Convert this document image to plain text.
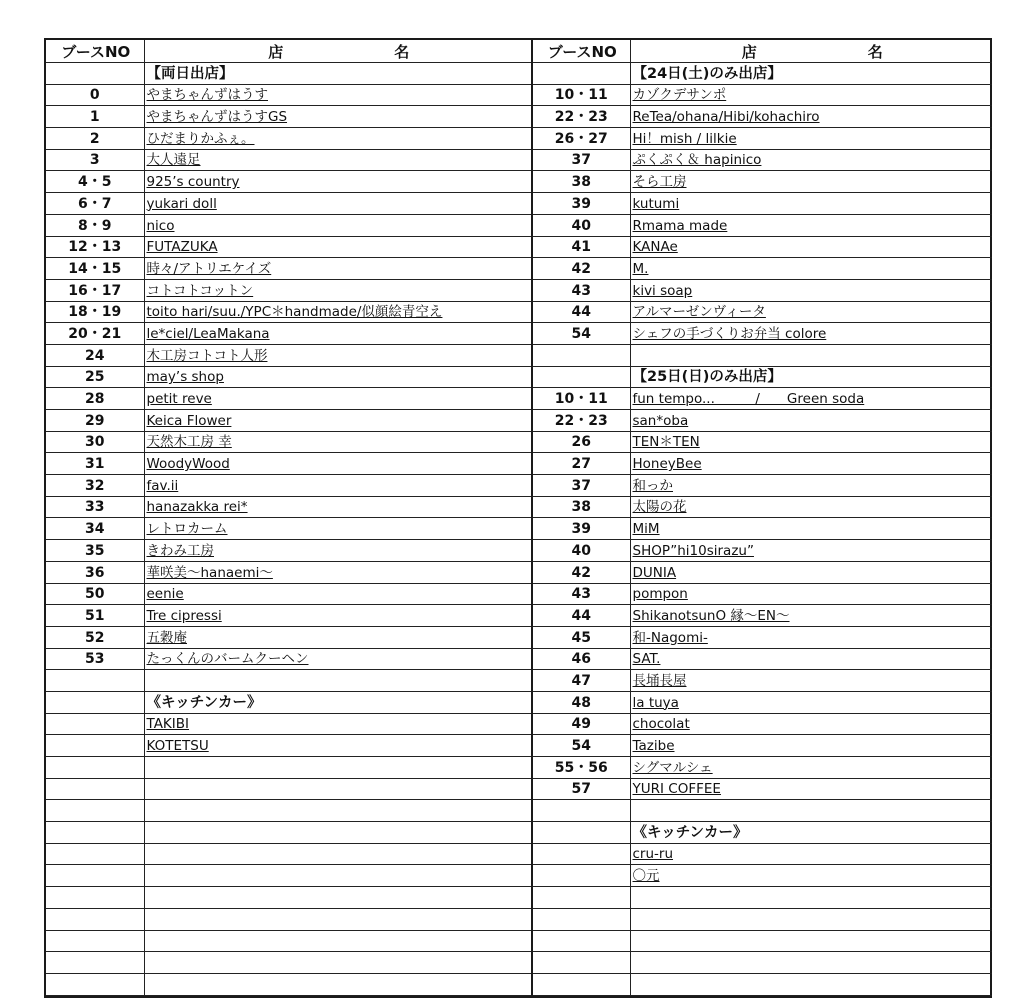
ブースNO	店　名	ブースNO	店　名
	【両日出店】		【24日(土)のみ出店】
0	やまちゃんずはうす	10・11	カゾクデサンポ
1	やまちゃんずはうすGS	22・23	ReTea/ohana/Hibi/kohachiro
2	ひだまりかふぇ。	26・27	Hi！mish / lilkie
3	大人遠足	37	ぷくぷく＆ hapinico
4・5	925’s country	38	そら工房
6・7	yukari doll	39	kutumi
8・9	nico	40	Rmama made
12・13	FUTAZUKA	41	KANAe
14・15	時々/アトリエケイズ	42	M.
16・17	コトコトコットン	43	kivi soap
18・19	toito hari/suu./YPC＊handmade/似顔絵青空え	44	アルマーゼンヴィータ
20・21	le*ciel/LeaMakana	54	シェフの手づくりお弁当 colore
24	木工房コトコト人形		
25	may’s shop		【25日(日)のみ出店】
28	petit reve	10・11	fun tempo...　　　/　　Green soda
29	Keica Flower	22・23	san*oba
30	天然木工房 幸	26	TEN＊TEN
31	WoodyWood	27	HoneyBee
32	fav.ii	37	和っか
33	hanazakka rei*	38	太陽の花
34	レトロカーム	39	MiM
35	きわみ工房	40	SHOP”hi10sirazu”
36	華咲美～hanaemi～	42	DUNIA
50	eenie	43	pompon
51	Tre cipressi	44	ShikanotsunO 縁～EN～
52	五穀庵	45	和-Nagomi-
53	たっくんのバームクーヘン	46	SAT.
		47	長埇長屋
	《キッチンカー》	48	la tuya
	TAKIBI	49	chocolat
	KOTETSU	54	Tazibe
		55・56	シグマルシェ
		57	YURI COFFEE

			《キッチンカー》
			cru-ru
			〇元
